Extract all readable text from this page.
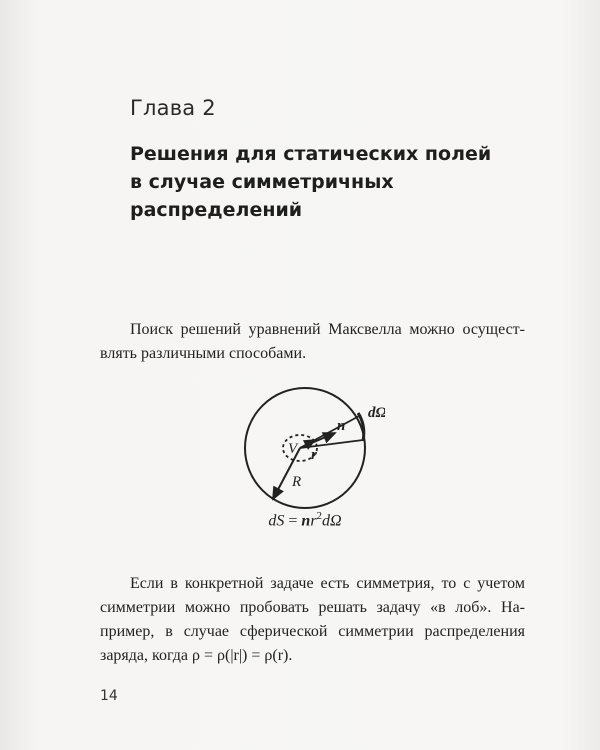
Глава 2
Решения для статических полей
в случае симметричных
распределений
Поиск решений уравнений Максвелла можно осущест-
влять различными способами.
dΩ
n
V r
R
dS = $nr^2d\Omega$
Если в конкретной задаче есть симметрия, то с учетом
симметрии можно пробовать решать задачу «в лоб». На-
пример, в случае сферической симметрии распределения
заряда, когда ρ = ρ(|r|) = ρ(r).
14
